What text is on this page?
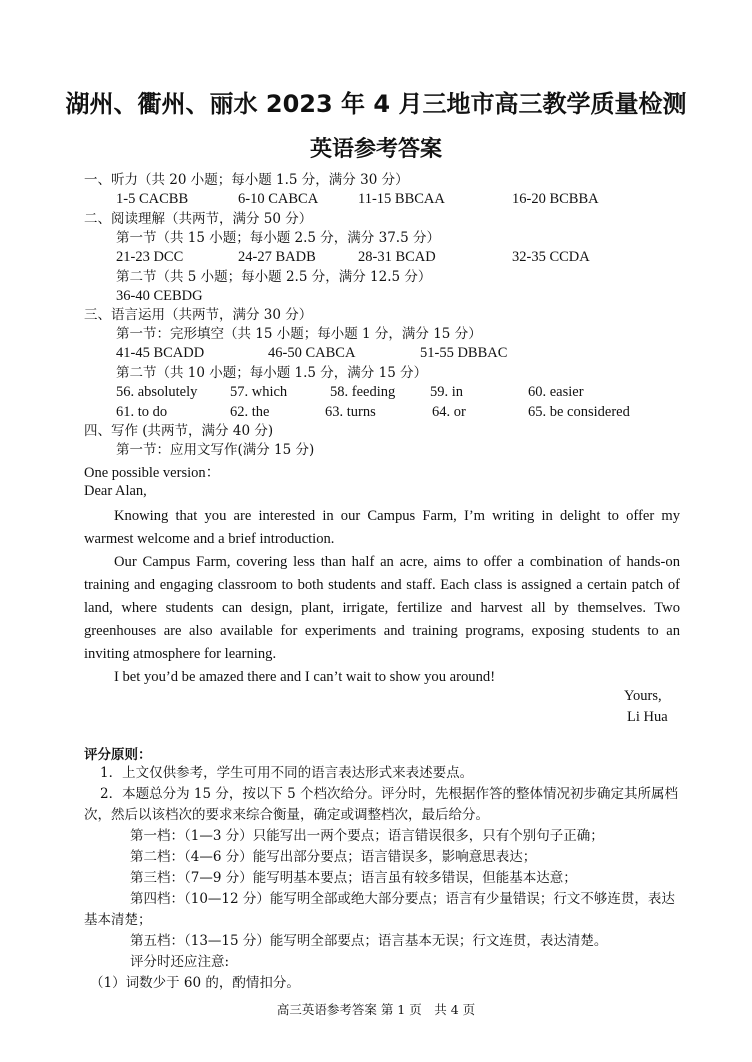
湖州、衢州、丽水 2023 年 4 月三地市高三教学质量检测
英语参考答案
一、听力（共 20 小题；每小题 1.5 分，满分 30 分）
1-5 CACBB	6-10 CABCA	11-15 BBCAA	16-20 BCBBA
二、阅读理解（共两节，满分 50 分）
第一节（共 15 小题；每小题 2.5 分，满分 37.5 分）
21-23 DCC	24-27 BADB	28-31 BCAD	32-35 CCDA
第二节（共 5 小题；每小题 2.5 分，满分 12.5 分）
36-40 CEBDG
三、语言运用（共两节，满分 30 分）
第一节：完形填空（共 15 小题；每小题 1 分，满分 15 分）
41-45 BCADD	46-50 CABCA	51-55 DBBAC
第二节（共 10 小题；每小题 1.5 分，满分 15 分）
56. absolutely 57. which	58. feeding 59. in	60. easier
61. to do	62. the	63. turns	64. or	65. be considered
四、写作 (共两节，满分 40 分)
第一节：应用文写作(满分 15 分)
One possible version：
Dear Alan,

Knowing that you are interested in our Campus Farm, I’m writing in delight to offer my warmest welcome and a brief introduction.

Our Campus Farm, covering less than half an acre, aims to offer a combination of hands-on training and engaging classroom to both students and staff. Each class is assigned a certain patch of land, where students can design, plant, irrigate, fertilize and harvest all by themselves. Two greenhouses are also available for experiments and training programs, exposing students to an inviting atmosphere for learning.

I bet you’d be amazed there and I can’t wait to show you around!

Yours,
Li Hua
评分原则：
1．上文仅供参考，学生可用不同的语言表达形式来表述要点。
2．本题总分为 15 分，按以下 5 个档次给分。评分时，先根据作答的整体情况初步确定其所属档次，然后以该档次的要求来综合衡量，确定或调整档次，最后给分。
第一档：（1—3 分）只能写出一两个要点；语言错误很多，只有个别句子正确；
第二档：（4—6 分）能写出部分要点；语言错误多，影响意思表达；
第三档：（7—9 分）能写明基本要点；语言虽有较多错误，但能基本达意；
第四档：（10—12 分）能写明全部或绝大部分要点；语言有少量错误；行文不够连贯，表达基本清楚；
第五档：（13—15 分）能写明全部要点；语言基本无误；行文连贯，表达清楚。
评分时还应注意:
（1）词数少于 60 的，酌情扣分。
高三英语参考答案 第 1 页　共 4 页
